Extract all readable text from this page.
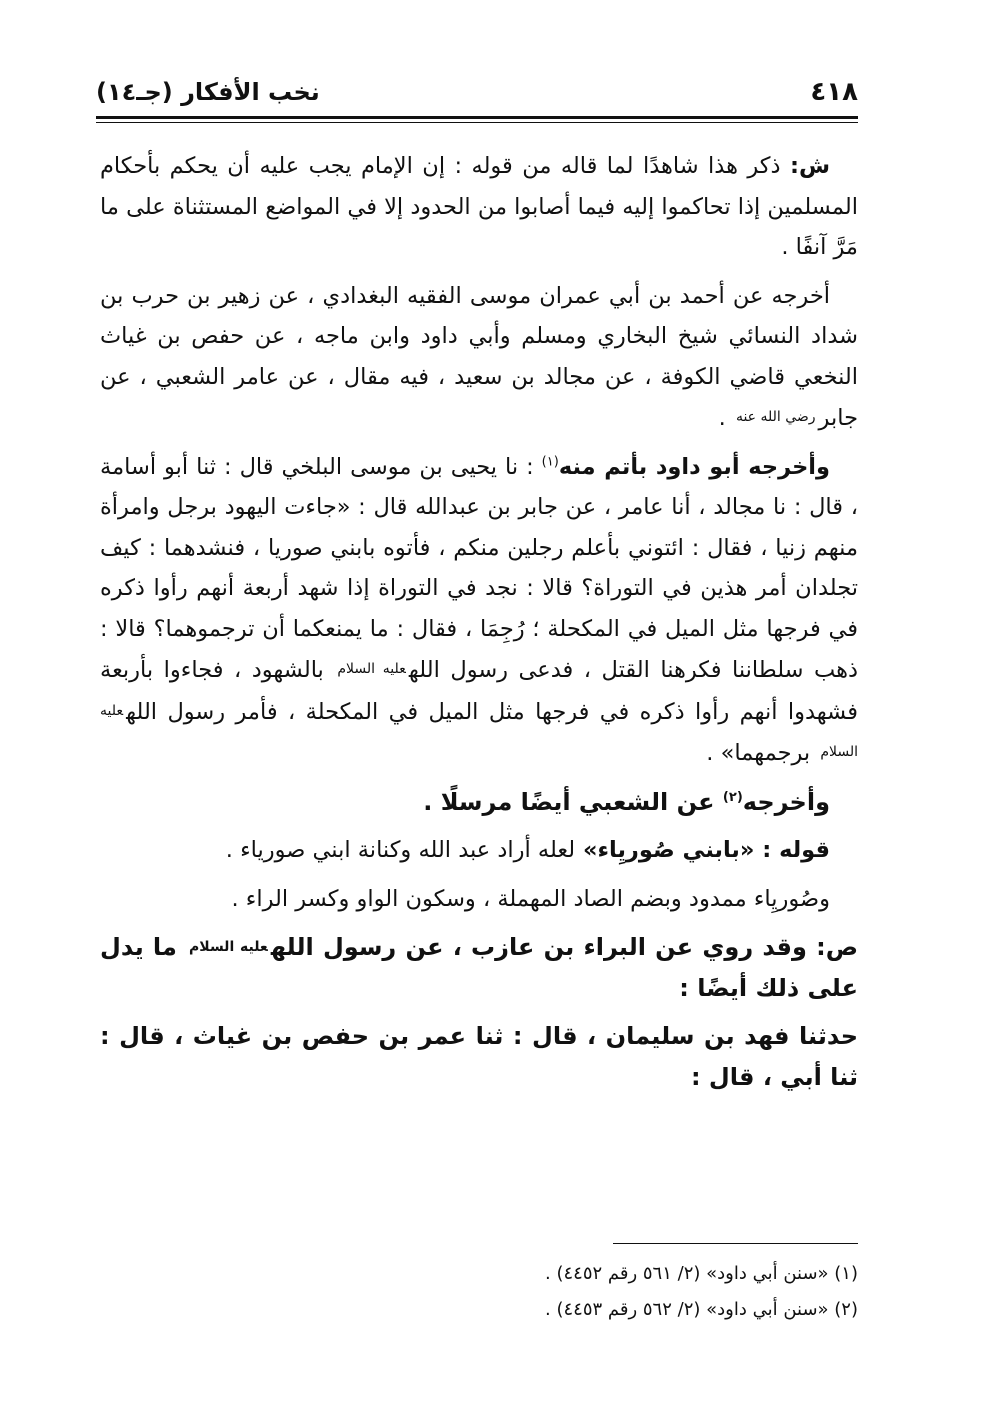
٤١٨
نخب الأفكار (جـ١٤)

ش: ذكر هذا شاهدًا لما قاله من قوله : إن الإمام يجب عليه أن يحكم بأحكام المسلمين إذا تحاكموا إليه فيما أصابوا من الحدود إلا في المواضع المستثناة على ما مَرَّ آنفًا .

أخرجه عن أحمد بن أبي عمران موسى الفقيه البغدادي ، عن زهير بن حرب بن شداد النسائي شيخ البخاري ومسلم وأبي داود وابن ماجه ، عن حفص بن غياث النخعي قاضي الكوفة ، عن مجالد بن سعيد ، فيه مقال ، عن عامر الشعبي ، عن جابررضي الله عنه .

وأخرجه أبو داود بأتم منه$^{(١)}$ : نا يحيى بن موسى البلخي قال : ثنا أبو أسامة ، قال : نا مجالد ، أنا عامر ، عن جابر بن عبدالله قال : «جاءت اليهود برجل وامرأة منهم زنيا ، فقال : ائتوني بأعلم رجلين منكم ، فأتوه بابني صوريا ، فنشدهما : كيف تجلدان أمر هذين في التوراة؟ قالا : نجد في التوراة إذا شهد أربعة أنهم رأوا ذكره في فرجها مثل الميل في المكحلة ؛ رُجِمَا ، فقال : ما يمنعكما أن ترجموهما؟ قالا : ذهب سلطاننا فكرهنا القتل ، فدعى رسول اللهعليه السلام بالشهود ، فجاءوا بأربعة فشهدوا أنهم رأوا ذكره في فرجها مثل الميل في المكحلة ، فأمر رسول اللهعليه السلام برجمهما» .

وأخرجه$^{(٢)}$ عن الشعبي أيضًا مرسلًا .

قوله : «بابني صُوريِاء» لعله أراد عبد الله وكنانة ابني صورياء .

وصُوريِاء ممدود وبضم الصاد المهملة ، وسكون الواو وكسر الراء .

ص: وقد روي عن البراء بن عازب ، عن رسول اللهعليه السلام ما يدل على ذلك أيضًا :

حدثنا فهد بن سليمان ، قال : ثنا عمر بن حفص بن غياث ، قال : ثنا أبي ، قال :

(١) «سنن أبي داود» (٢/ ٥٦١ رقم ٤٤٥٢) .

(٢) «سنن أبي داود» (٢/ ٥٦٢ رقم ٤٤٥٣) .
